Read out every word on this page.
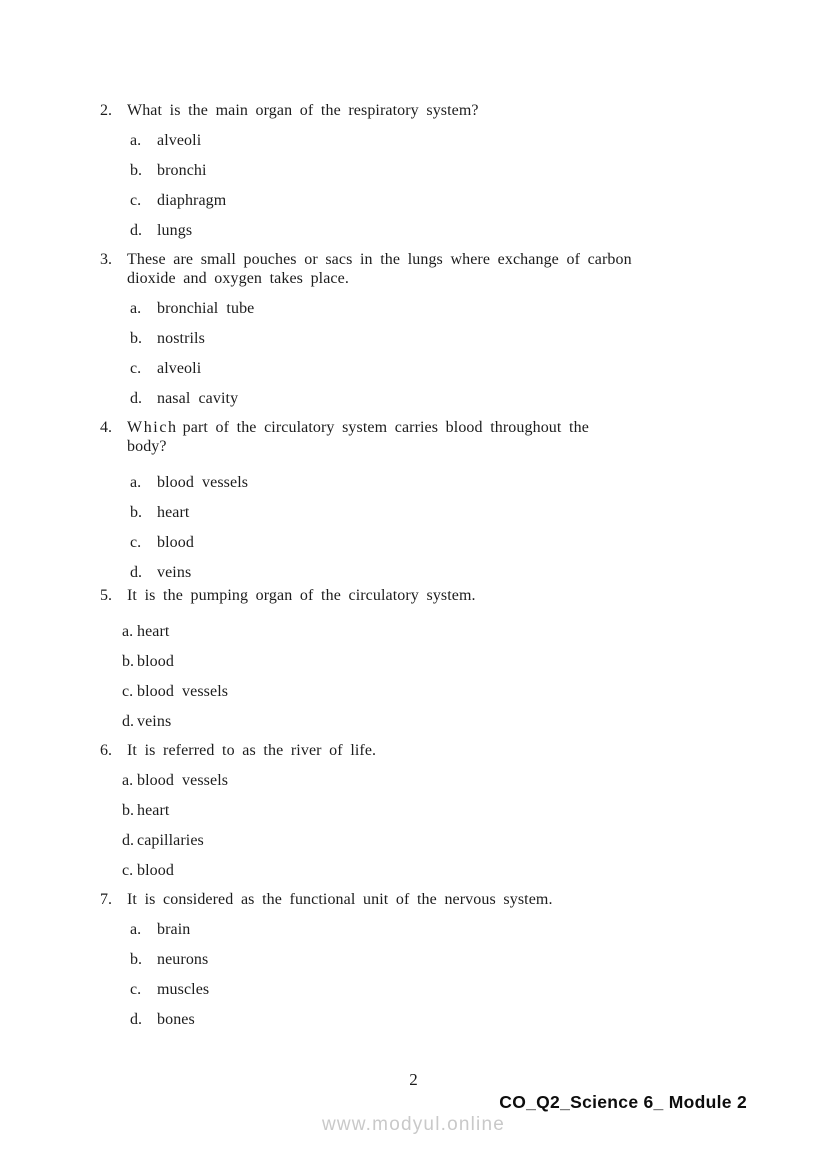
2. What is the main organ of the respiratory system?
a. alveoli
b. bronchi
c. diaphragm
d. lungs
3. These are small pouches or sacs in the lungs where exchange of carbon
dioxide and oxygen takes place.
a. bronchial tube
b. nostrils
c. alveoli
d. nasal cavity
4. Which part of the circulatory system carries blood throughout the
body?
a. blood vessels
b. heart
c. blood
d. veins
5. It is the pumping organ of the circulatory system.
a. heart
b. blood
c. blood vessels
d. veins
6. It is referred to as the river of life.
a. blood vessels
b. heart
d. capillaries
c. blood
7. It is considered as the functional unit of the nervous system.
a. brain
b. neurons
c. muscles
d. bones
2
CO_Q2_Science 6_ Module 2
www.modyul.online
